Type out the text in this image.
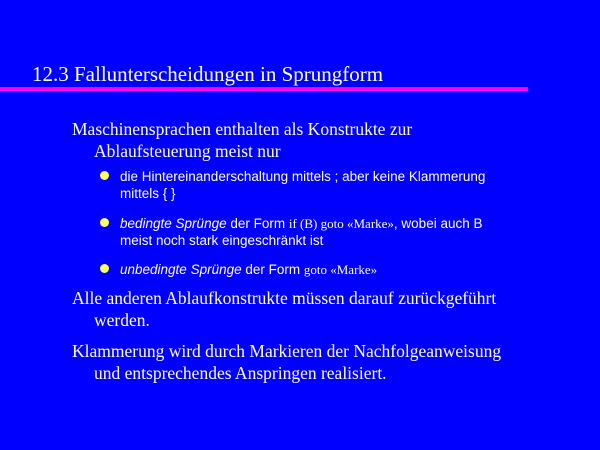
12.3 Fallunterscheidungen in Sprungform
Maschinensprachen enthalten als Konstrukte zur
Ablaufsteuerung meist nur
die Hintereinanderschaltung mittels ; aber keine Klammerung
mittels { }
bedingte Sprünge der Form if (B) goto «Marke», wobei auch B
meist noch stark eingeschränkt ist
unbedingte Sprünge der Form goto «Marke»
Alle anderen Ablaufkonstrukte müssen darauf zurückgeführt
werden.
Klammerung wird durch Markieren der Nachfolgeanweisung
und entsprechendes Anspringen realisiert.
